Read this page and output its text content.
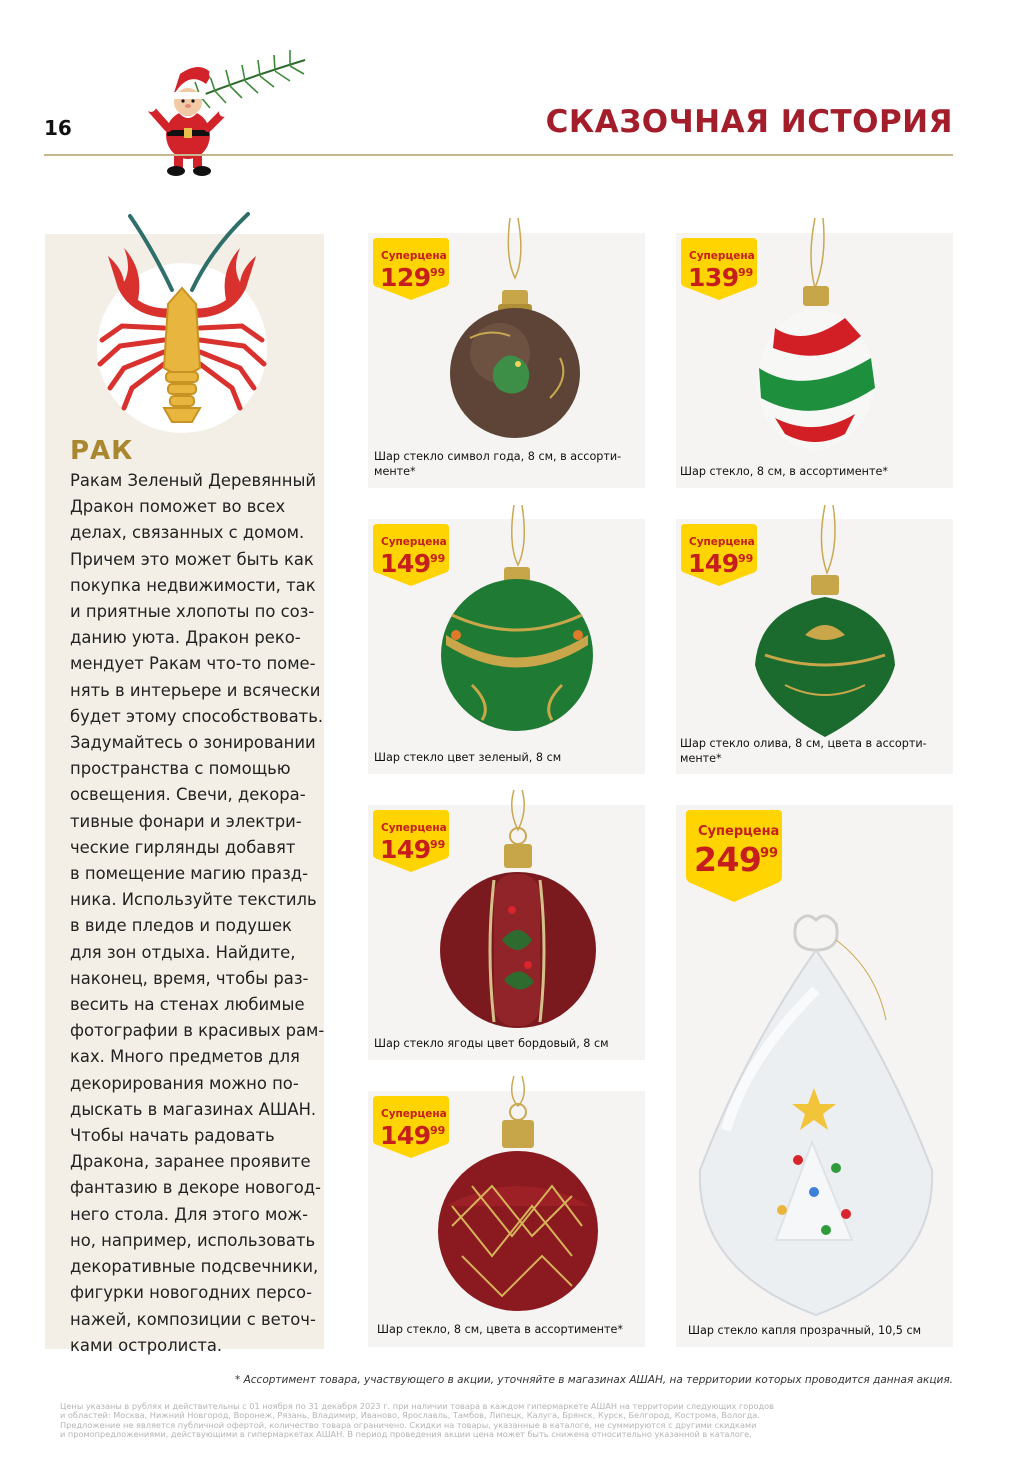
16	СКАЗОЧНАЯ ИСТОРИЯ
РАК
Ракам Зеленый Деревянный
Дракон поможет во всех
делах, связанных с домом.
Причем это может быть как
покупка недвижимости, так
и приятные хлопоты по соз-
данию уюта. Дракон реко-
мендует Ракам что-то поме-
нять в интерьере и всячески
будет этому способствовать.
Задумайтесь о зонировании
пространства с помощью
освещения. Свечи, декора-
тивные фонари и электри-
ческие гирлянды добавят
в помещение магию празд-
ника. Используйте текстиль
в виде пледов и подушек
для зон отдыха. Найдите,
наконец, время, чтобы раз-
весить на стенах любимые
фотографии в красивых рам-
ках. Много предметов для
декорирования можно по-
дыскать в магазинах АШАН.
Чтобы начать радовать
Дракона, заранее проявите
фантазию в декоре новогод-
него стола. Для этого мож-
но, например, использовать
декоративные подсвечники,
фигурки новогодних персо-
нажей, композиции с веточ-
ками остролиста.
Суперцена
129 99
Шар стекло символ года, 8 см, в ассорти-
менте*
Суперцена
139 99
Шар стекло, 8 см, в ассортименте*
Суперцена
149 99
Шар стекло цвет зеленый, 8 см
Суперцена
149 99
Шар стекло олива, 8 см, цвета в ассорти-
менте*
Суперцена
149 99
Шар стекло ягоды цвет бордовый, 8 см
Суперцена
249
99
Шар стекло капля прозрачный, 10,5 см
Суперцена
149 99
Шар стекло, 8 см, цвета в ассортименте*
* Ассортимент товара, участвующего в акции, уточняйте в магазинах АШАН, на территории которых проводится данная акция.
Цены указаны в рублях и действительны с 01 ноября по 31 декабря 2023 г. при наличии товара в каждом гипермаркете АШАН на территории следующих городов
и областей: Москва, Нижний Новгород, Воронеж, Рязань, Владимир, Иваново, Ярославль, Тамбов, Липецк, Калуга, Брянск, Курск, Белгород, Кострома, Вологда.
Предложение не является публичной офертой, количество товара ограничено. Скидки на товары, указанные в каталоге, не суммируются с другими скидками
и промопредложениями, действующими в гипермаркетах АШАН. В период проведения акции цена может быть снижена относительно указанной в каталоге.
